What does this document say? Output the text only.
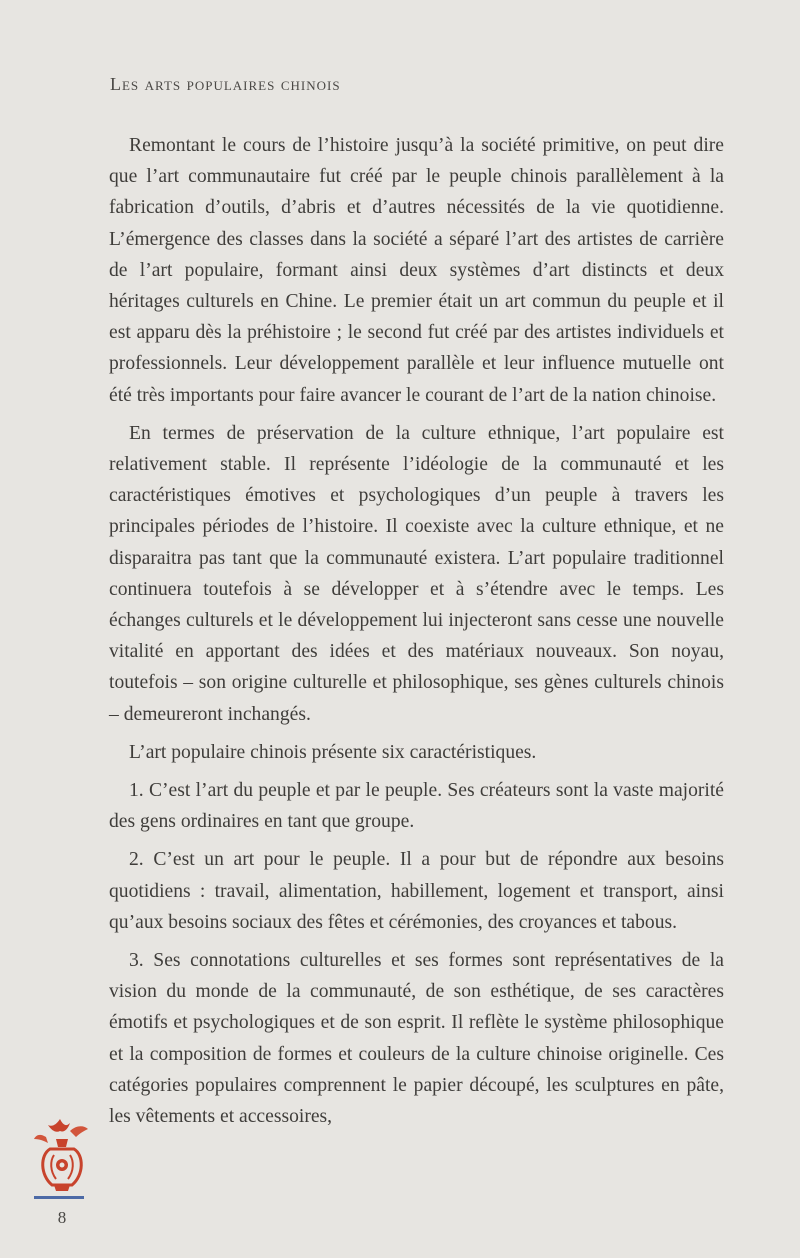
Les arts populaires chinois

Remontant le cours de l’histoire jusqu’à la société primitive, on peut dire que l’art communautaire fut créé par le peuple chinois parallèlement à la fabrication d’outils, d’abris et d’autres nécessités de la vie quotidienne. L’émergence des classes dans la société a séparé l’art des artistes de carrière de l’art populaire, formant ainsi deux systèmes d’art distincts et deux héritages culturels en Chine. Le premier était un art commun du peuple et il est apparu dès la préhistoire ; le second fut créé par des artistes individuels et professionnels. Leur développement parallèle et leur influence mutuelle ont été très importants pour faire avancer le courant de l’art de la nation chinoise.

En termes de préservation de la culture ethnique, l’art populaire est relativement stable. Il représente l’idéologie de la communauté et les caractéristiques émotives et psychologiques d’un peuple à travers les principales périodes de l’histoire. Il coexiste avec la culture ethnique, et ne disparaitra pas tant que la communauté existera. L’art populaire traditionnel continuera toutefois à se développer et à s’étendre avec le temps. Les échanges culturels et le développement lui injecteront sans cesse une nouvelle vitalité en apportant des idées et des matériaux nouveaux. Son noyau, toutefois – son origine culturelle et philosophique, ses gènes culturels chinois – demeureront inchangés.

L’art populaire chinois présente six caractéristiques.

1. C’est l’art du peuple et par le peuple. Ses créateurs sont la vaste majorité des gens ordinaires en tant que groupe.

2. C’est un art pour le peuple. Il a pour but de répondre aux besoins quotidiens : travail, alimentation, habillement, logement et transport, ainsi qu’aux besoins sociaux des fêtes et cérémonies, des croyances et tabous.

3. Ses connotations culturelles et ses formes sont représentatives de la vision du monde de la communauté, de son esthétique, de ses caractères émotifs et psychologiques et de son esprit. Il reflète le système philosophique et la composition de formes et couleurs de la culture chinoise originelle. Ces catégories populaires comprennent le papier découpé, les sculptures en pâte, les vêtements et accessoires,

8
